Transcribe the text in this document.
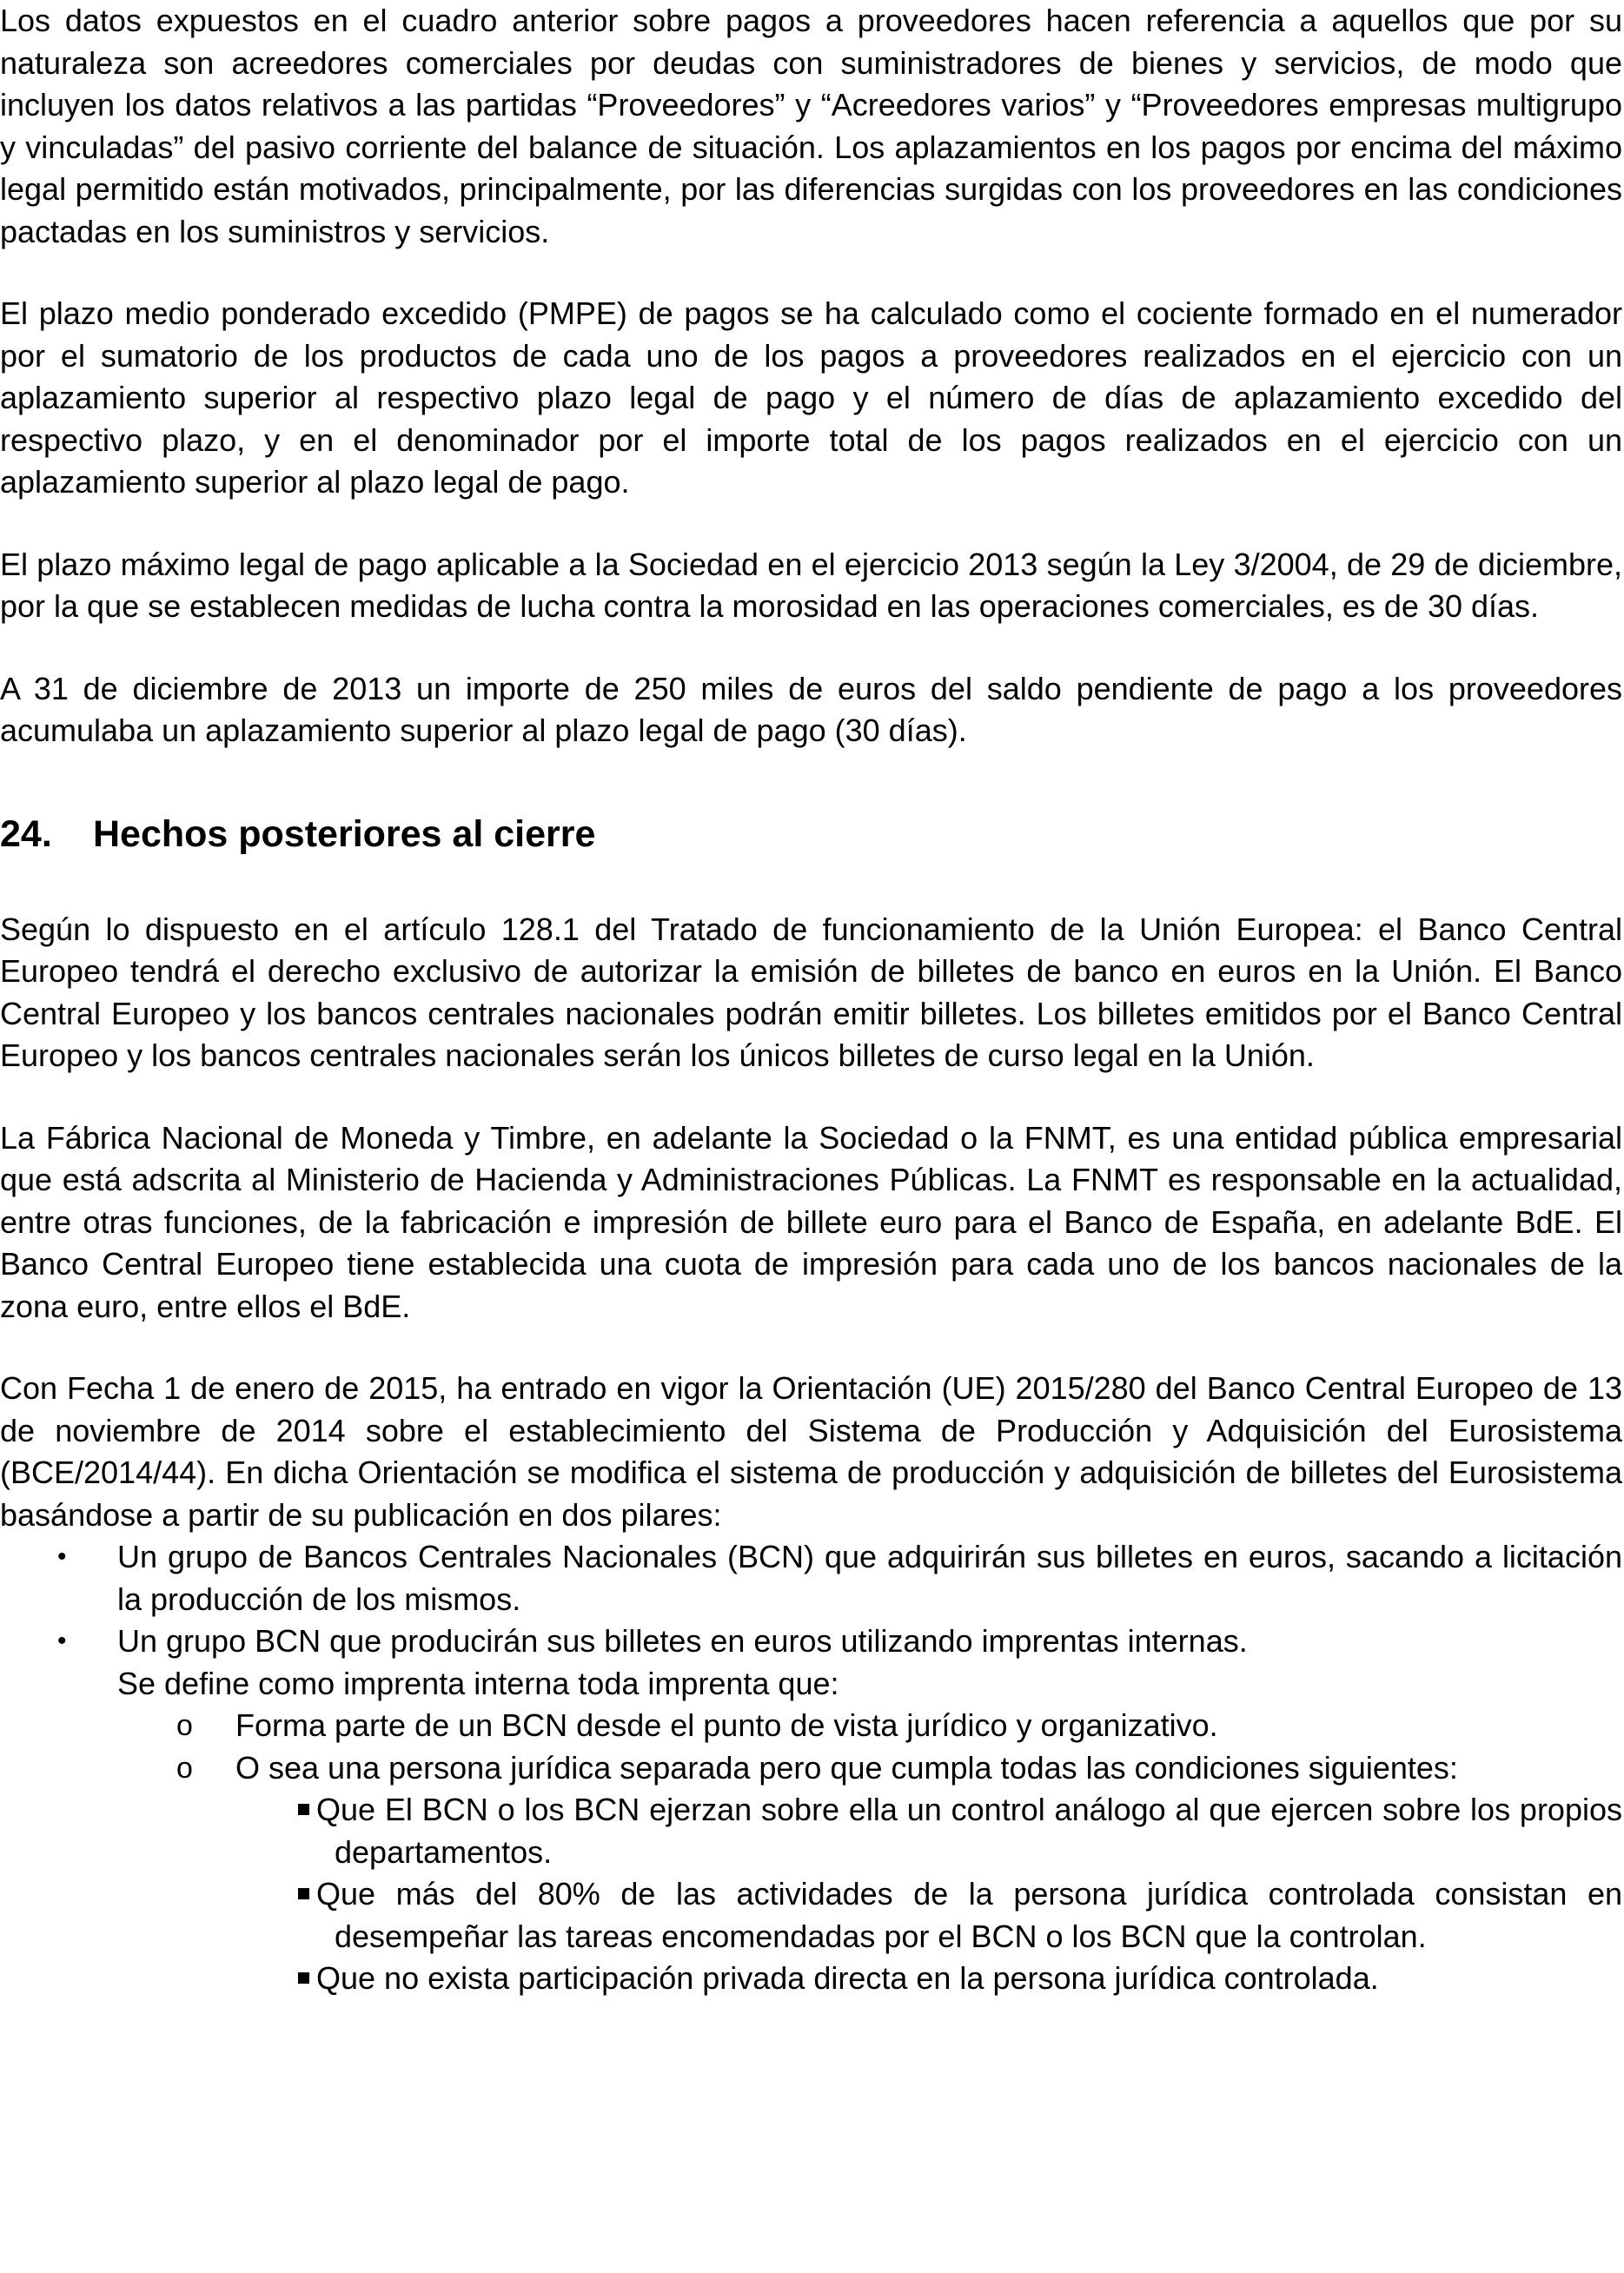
Los datos expuestos en el cuadro anterior sobre pagos a proveedores hacen referencia a aquellos que por su naturaleza son acreedores comerciales por deudas con suministradores de bienes y servicios, de modo que incluyen los datos relativos a las partidas “Proveedores” y “Acreedores varios” y “Proveedores empresas multigrupo y vinculadas” del pasivo corriente del balance de situación. Los aplazamientos en los pagos por encima del máximo legal permitido están motivados, principalmente, por las diferencias surgidas con los proveedores en las condiciones pactadas en los suministros y servicios.

El plazo medio ponderado excedido (PMPE) de pagos se ha calculado como el cociente formado en el numerador por el sumatorio de los productos de cada uno de los pagos a proveedores realizados en el ejercicio con un aplazamiento superior al respectivo plazo legal de pago y el número de días de aplazamiento excedido del respectivo plazo, y en el denominador por el importe total de los pagos realizados en el ejercicio con un aplazamiento superior al plazo legal de pago.

El plazo máximo legal de pago aplicable a la Sociedad en el ejercicio 2013 según la Ley 3/2004, de 29 de diciembre, por la que se establecen medidas de lucha contra la morosidad en las operaciones comerciales, es de 30 días.

A 31 de diciembre de 2013 un importe de 250 miles de euros del saldo pendiente de pago a los proveedores acumulaba un aplazamiento superior al plazo legal de pago (30 días).

24.	Hechos posteriores al cierre

Según lo dispuesto en el artículo 128.1 del Tratado de funcionamiento de la Unión Europea: el Banco Central Europeo tendrá el derecho exclusivo de autorizar la emisión de billetes de banco en euros en la Unión. El Banco Central Europeo y los bancos centrales nacionales podrán emitir billetes. Los billetes emitidos por el Banco Central Europeo y los bancos centrales nacionales serán los únicos billetes de curso legal en la Unión.

La Fábrica Nacional de Moneda y Timbre, en adelante la Sociedad o la FNMT, es una entidad pública empresarial que está adscrita al Ministerio de Hacienda y Administraciones Públicas. La FNMT es responsable en la actualidad, entre otras funciones, de la fabricación e impresión de billete euro para el Banco de España, en adelante BdE. El Banco Central Europeo tiene establecida una cuota de impresión para cada uno de los bancos nacionales de la zona euro, entre ellos el BdE.

Con Fecha 1 de enero de 2015, ha entrado en vigor la Orientación (UE) 2015/280 del Banco Central Europeo de 13 de noviembre de 2014 sobre el establecimiento del Sistema de Producción y Adquisición del Eurosistema (BCE/2014/44). En dicha Orientación se modifica el sistema de producción y adquisición de billetes del Eurosistema basándose a partir de su publicación en dos pilares:

• Un grupo de Bancos Centrales Nacionales (BCN) que adquirirán sus billetes en euros, sacando a licitación la producción de los mismos.
• Un grupo BCN que producirán sus billetes en euros utilizando imprentas internas.
Se define como imprenta interna toda imprenta que:
o Forma parte de un BCN desde el punto de vista jurídico y organizativo.
o O sea una persona jurídica separada pero que cumpla todas las condiciones siguientes:
Que El BCN o los BCN ejerzan sobre ella un control análogo al que ejercen sobre los propios departamentos.
Que más del 80% de las actividades de la persona jurídica controlada consistan en desempeñar las tareas encomendadas por el BCN o los BCN que la controlan.
Que no exista participación privada directa en la persona jurídica controlada.
